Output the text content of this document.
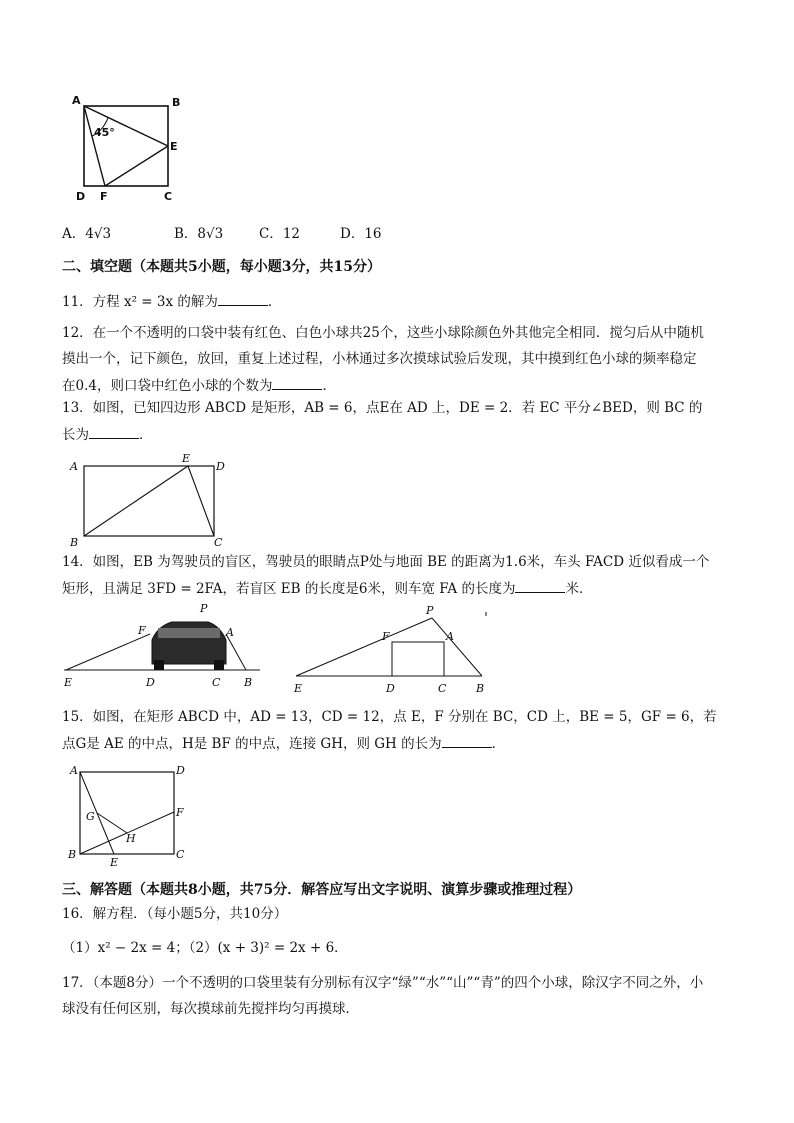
A	B
C
D
E
F
45°
A．4√3	B．8√3	C．12	D．16
二、填空题（本题共5小题，每小题3分，共15分）
11．方程 x² = 3x 的解为	．
12．在一个不透明的口袋中装有红色、白色小球共25个，这些小球除颜色外其他完全相同．搅匀后从中随机
摸出一个，记下颜色，放回，重复上述过程，小林通过多次摸球试验后发现，其中摸到红色小球的频率稳定
在0.4，则口袋中红色小球的个数为	．
13．如图，已知四边形 ABCD 是矩形，AB = 6，点E在 AD 上，DE = 2．若 EC 平分∠BED，则 BC 的
长为	．
A
E
D
B	C
14．如图，EB 为驾驶员的盲区，驾驶员的眼睛点P处与地面 BE 的距离为1.6米，车头 FACD 近似看成一个
矩形，且满足 3FD = 2FA，若盲区 EB 的长度是6米，则车宽 FA 的长度为	米．
P
F	A
E	D	C B
P
F	A
E	D	C	B
15．如图，在矩形 ABCD 中，AD = 13，CD = 12，点 E，F 分别在 BC，CD 上，BE = 5，GF = 6，若
点G是 AE 的中点，H是 BF 的中点，连接 GH，则 GH 的长为	．
A	D
G	F
H
B
E
C
三、解答题（本题共8小题，共75分．解答应写出文字说明、演算步骤或推理过程）
16．解方程．（每小题5分，共10分）
（1）x² − 2x = 4；（2）(x + 3)² = 2x + 6．
17．（本题8分）一个不透明的口袋里装有分别标有汉字“绿”“水”“山”“青”的四个小球，除汉字不同之外，小
球没有任何区别，每次摸球前先搅拌均匀再摸球．
